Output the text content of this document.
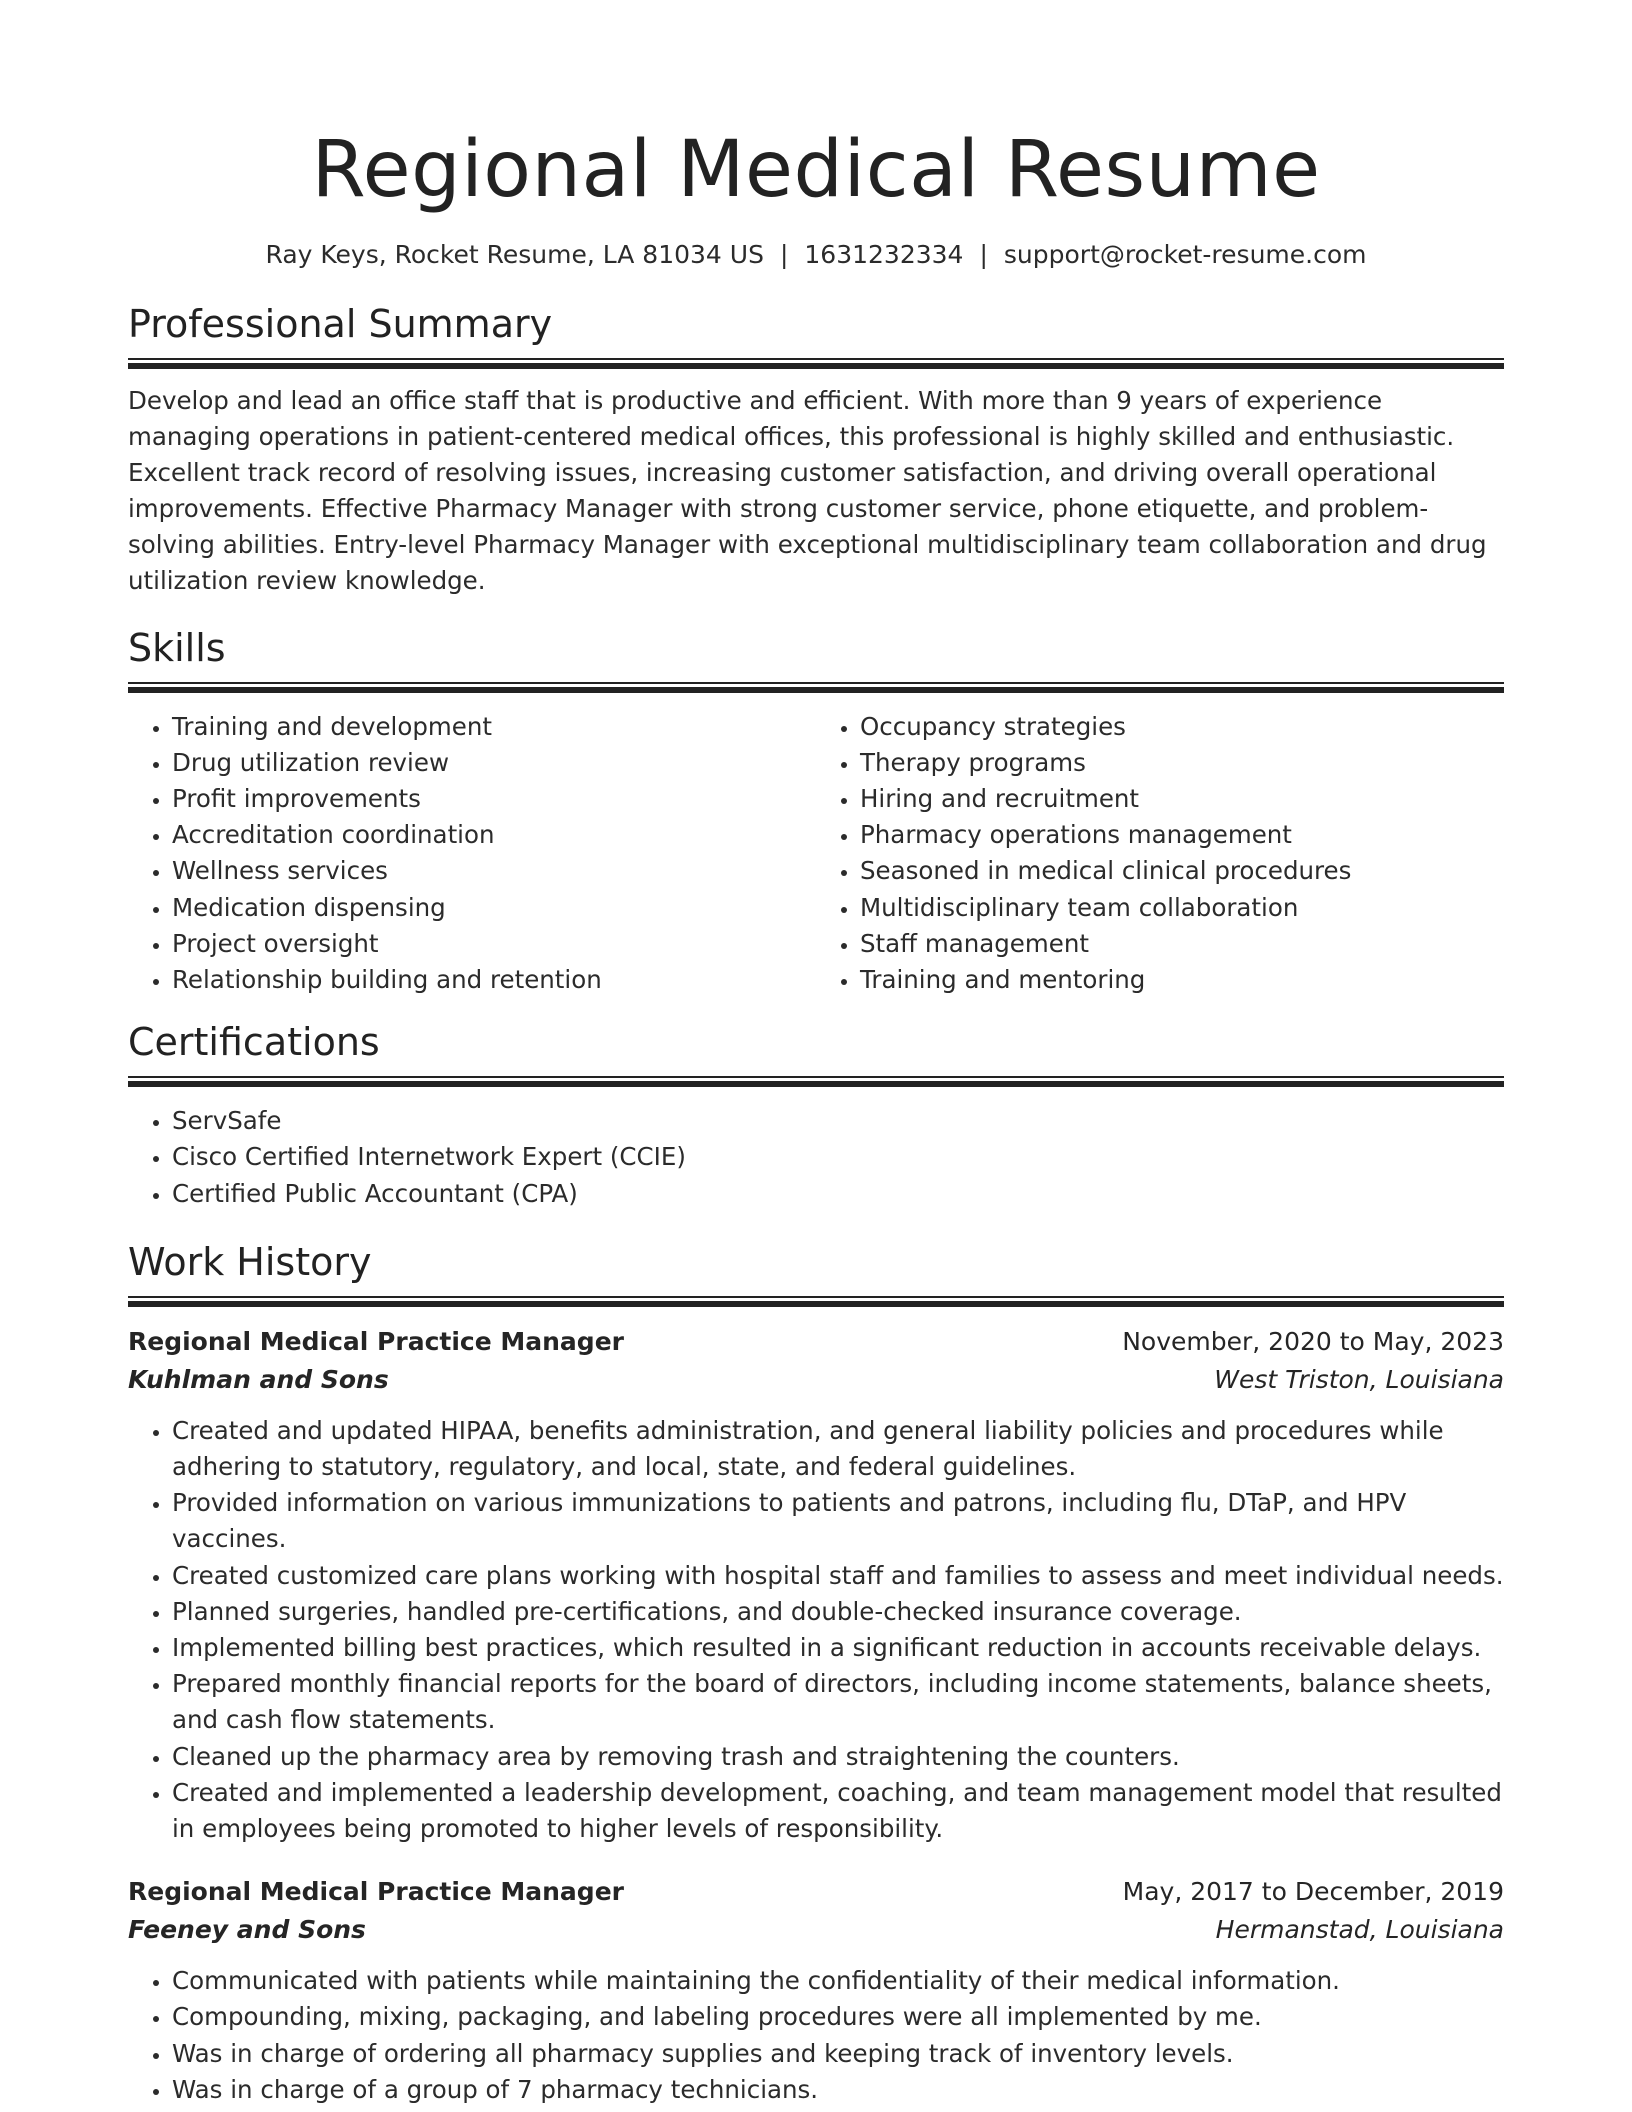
Regional Medical Resume
Ray Keys, Rocket Resume, LA 81034 US | 1631232334 | support@rocket-resume.com
Professional Summary

Develop and lead an office staff that is productive and efficient. With more than 9 years of experience managing operations in patient-centered medical offices, this professional is highly skilled and enthusiastic. Excellent track record of resolving issues, increasing customer satisfaction, and driving overall operational improvements. Effective Pharmacy Manager with strong customer service, phone etiquette, and problem-solving abilities. Entry-level Pharmacy Manager with exceptional multidisciplinary team collaboration and drug utilization review knowledge.

Skills
• Training and development
• Drug utilization review
• Profit improvements
• Accreditation coordination
• Wellness services
• Medication dispensing
• Project oversight
• Relationship building and retention
• Occupancy strategies
• Therapy programs
• Hiring and recruitment
• Pharmacy operations management
• Seasoned in medical clinical procedures
• Multidisciplinary team collaboration
• Staff management
• Training and mentoring
Certifications
• ServSafe
• Cisco Certified Internetwork Expert (CCIE)
• Certified Public Accountant (CPA)
Work History
Regional Medical Practice Manager	November, 2020 to May, 2023
Kuhlman and Sons	West Triston, Louisiana
• Created and updated HIPAA, benefits administration, and general liability policies and procedures while adhering to statutory, regulatory, and local, state, and federal guidelines.
• Provided information on various immunizations to patients and patrons, including flu, DTaP, and HPV vaccines.
• Created customized care plans working with hospital staff and families to assess and meet individual needs.
• Planned surgeries, handled pre-certifications, and double-checked insurance coverage.
• Implemented billing best practices, which resulted in a significant reduction in accounts receivable delays.
• Prepared monthly financial reports for the board of directors, including income statements, balance sheets, and cash flow statements.
• Cleaned up the pharmacy area by removing trash and straightening the counters.
• Created and implemented a leadership development, coaching, and team management model that resulted in employees being promoted to higher levels of responsibility.
Regional Medical Practice Manager	May, 2017 to December, 2019
Feeney and Sons	Hermanstad, Louisiana
• Communicated with patients while maintaining the confidentiality of their medical information.
• Compounding, mixing, packaging, and labeling procedures were all implemented by me.
• Was in charge of ordering all pharmacy supplies and keeping track of inventory levels.
• Was in charge of a group of 7 pharmacy technicians.
